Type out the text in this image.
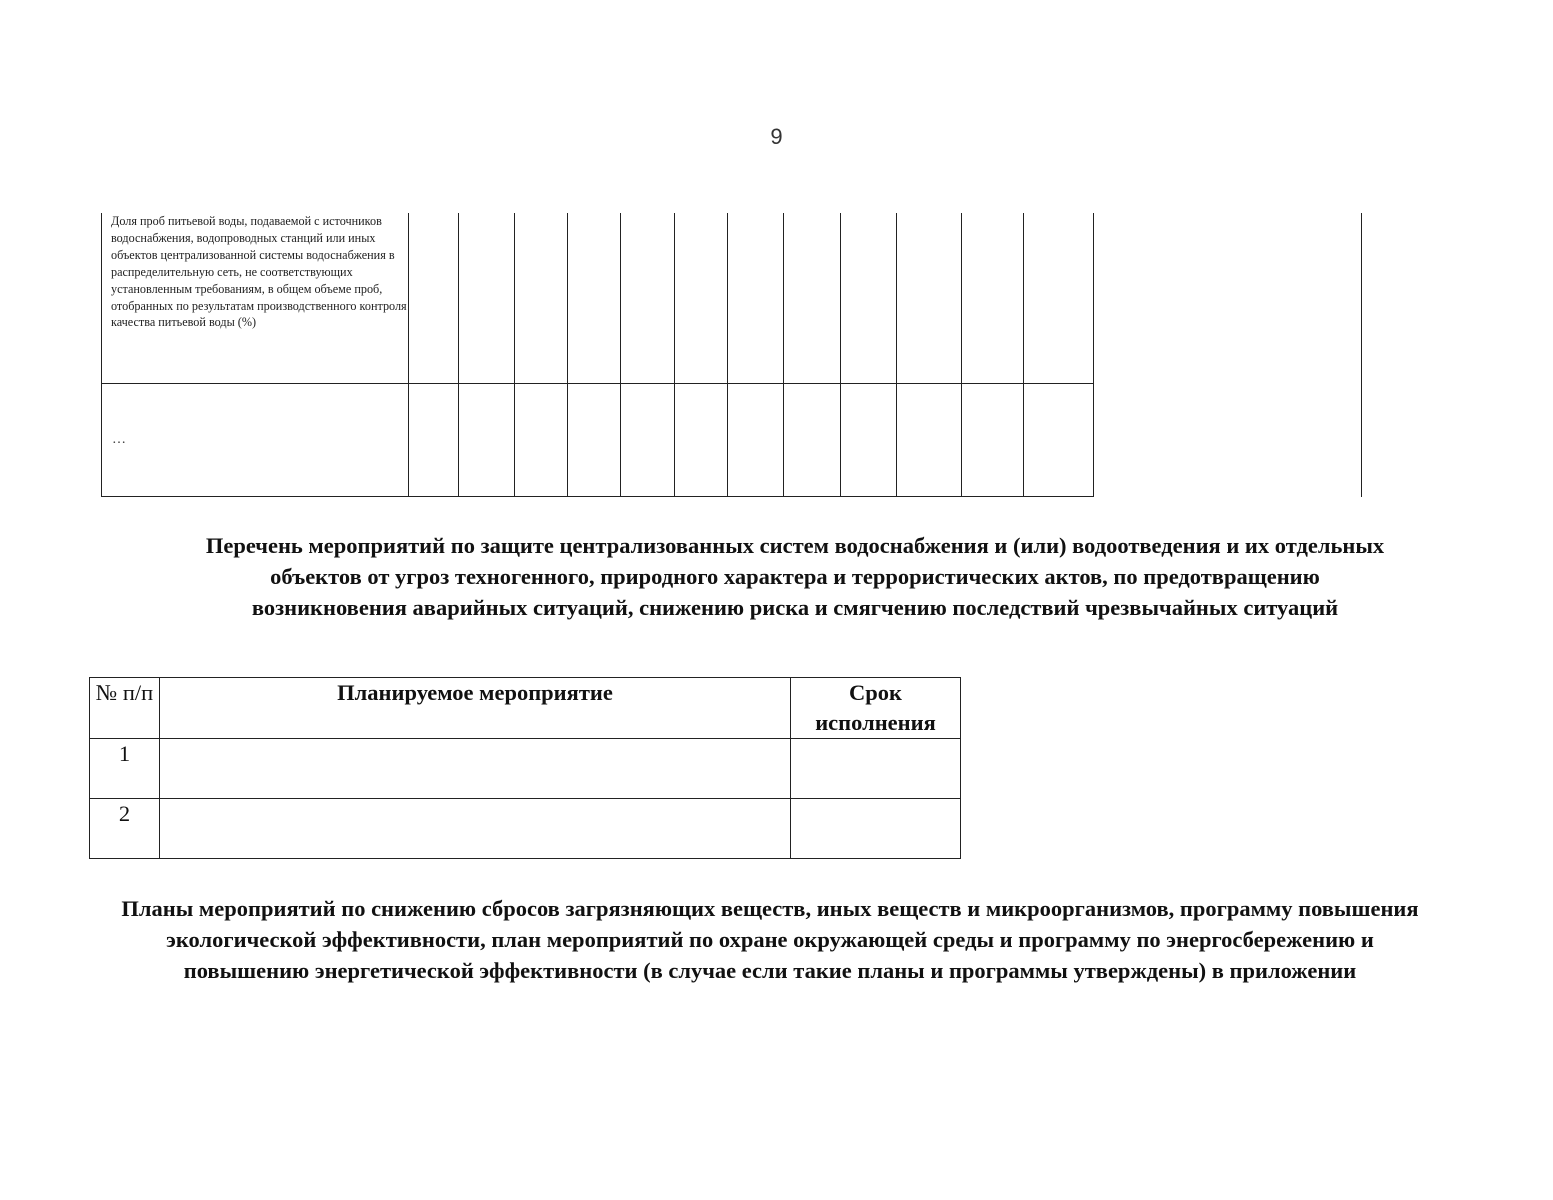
9
Доля проб питьевой воды, подаваемой с источников водоснабжения, водопроводных станций или иных объектов централизованной системы водоснабжения в распределительную сеть, не соответствующих установленным требованиям, в общем объеме проб, отобранных по результатам производственного контроля качества питьевой воды (%)													

…													

Перечень мероприятий по защите централизованных систем водоснабжения и (или) водоотведения и их отдельных объектов от угроз техногенного, природного характера и террористических актов, по предотвращению возникновения аварийных ситуаций, снижению риска и смягчению последствий чрезвычайных ситуаций

№ п/п	Планируемое мероприятие	Срок исполнения
1		
2		

Планы мероприятий по снижению сбросов загрязняющих веществ, иных веществ и микроорганизмов, программу повышения экологической эффективности, план мероприятий по охране окружающей среды и программу по энергосбережению и повышению энергетической эффективности (в случае если такие планы и программы утверждены) в приложении
